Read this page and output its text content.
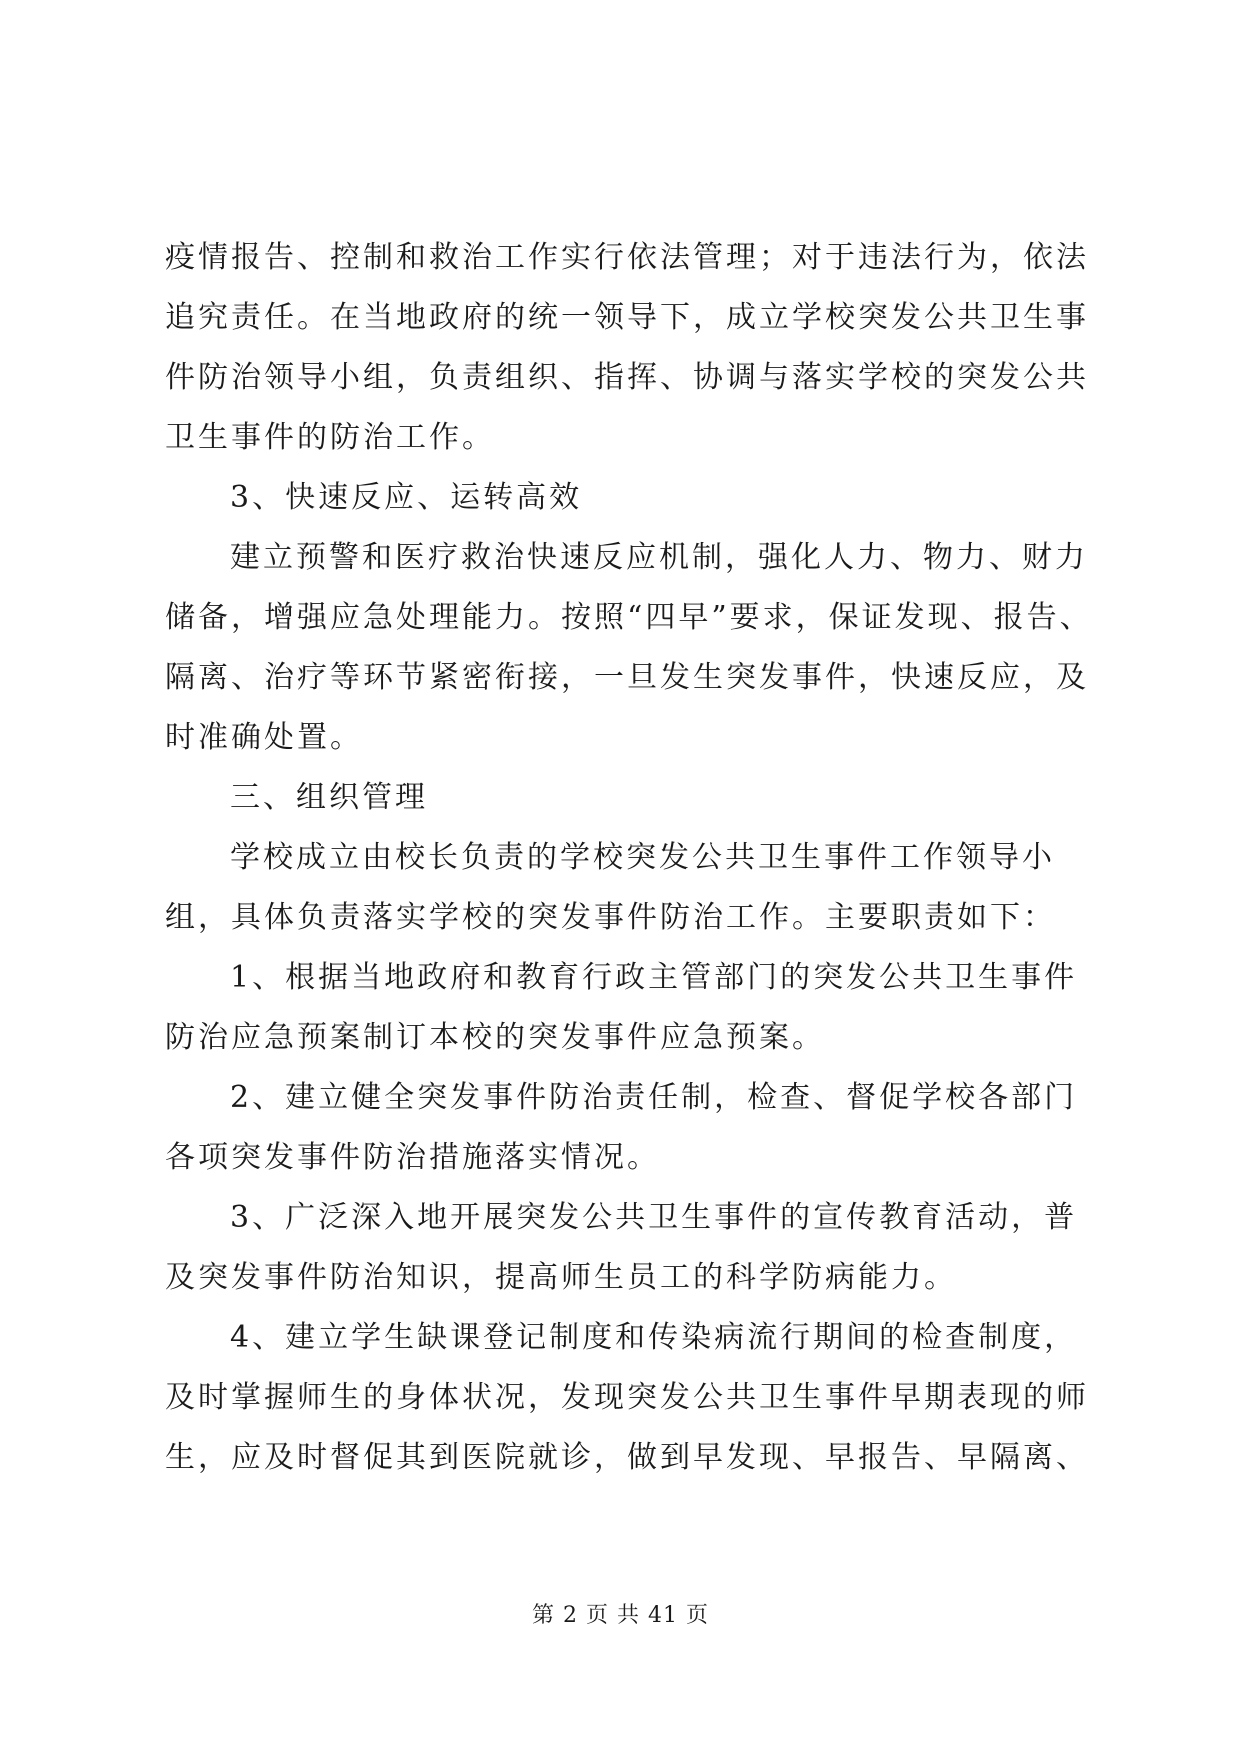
疫情报告、控制和救治工作实行依法管理；对于违法行为，依法
追究责任。在当地政府的统一领导下，成立学校突发公共卫生事
件防治领导小组，负责组织、指挥、协调与落实学校的突发公共
卫生事件的防治工作。
3、快速反应、运转高效
建立预警和医疗救治快速反应机制，强化人力、物力、财力
储备，增强应急处理能力。按照“四早”要求，保证发现、报告、
隔离、治疗等环节紧密衔接，一旦发生突发事件，快速反应，及
时准确处置。
三、组织管理
学校成立由校长负责的学校突发公共卫生事件工作领导小
组，具体负责落实学校的突发事件防治工作。主要职责如下：
1、根据当地政府和教育行政主管部门的突发公共卫生事件
防治应急预案制订本校的突发事件应急预案。
2、建立健全突发事件防治责任制，检查、督促学校各部门
各项突发事件防治措施落实情况。
3、广泛深入地开展突发公共卫生事件的宣传教育活动，普
及突发事件防治知识，提高师生员工的科学防病能力。
4、建立学生缺课登记制度和传染病流行期间的检查制度，
及时掌握师生的身体状况，发现突发公共卫生事件早期表现的师
生，应及时督促其到医院就诊，做到早发现、早报告、早隔离、
第 2 页 共 41 页
